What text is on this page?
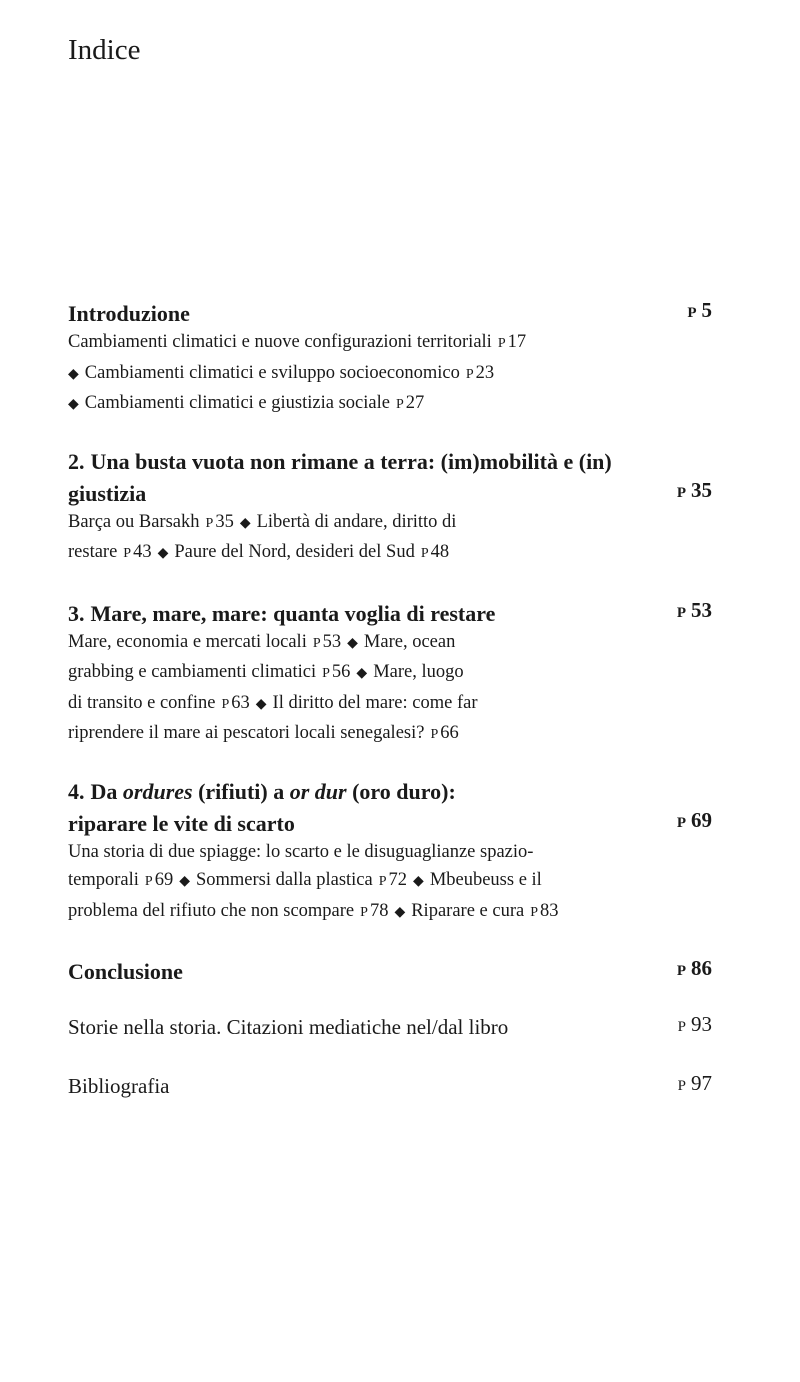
Indice
Introduzione	P 5
Cambiamenti climatici e nuove configurazioni territoriali P 17
◆ Cambiamenti climatici e sviluppo socioeconomico P 23
◆ Cambiamenti climatici e giustizia sociale P 27
2. Una busta vuota non rimane a terra: (im)mobilità e (in)
giustizia	P 35
Barça ou Barsakh P 35 ◆ Libertà di andare, diritto di
restare P 43 ◆ Paure del Nord, desideri del Sud P 48
3. Mare, mare, mare: quanta voglia di restare	P 53
Mare, economia e mercati locali P 53 ◆ Mare, ocean
grabbing e cambiamenti climatici P 56 ◆ Mare, luogo
di transito e confine P 63 ◆ Il diritto del mare: come far
riprendere il mare ai pescatori locali senegalesi? P 66
4. Da ordures (rifiuti) a or dur (oro duro):
riparare le vite di scarto	P 69
Una storia di due spiagge: lo scarto e le disuguaglianze spazio-
temporali P 69 ◆ Sommersi dalla plastica P 72 ◆ Mbeubeuss e il
problema del rifiuto che non scompare P 78 ◆ Riparare e cura P 83
Conclusione	P 86
Storie nella storia. Citazioni mediatiche nel/dal libro	P 93
Bibliografia	P 97
